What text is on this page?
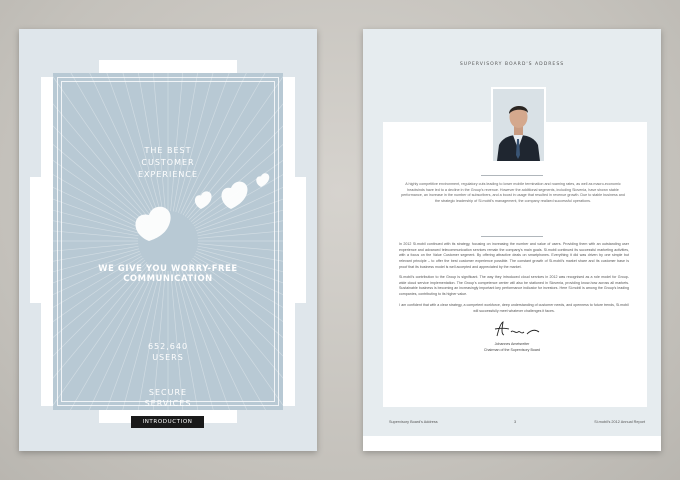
THE BEST
CUSTOMER
EXPERIENCE
WE GIVE YOU WORRY-FREE COMMUNICATION
652,640
USERS
SECURE
SERVICES
INTRODUCTION
SUPERVISORY BOARD'S ADDRESS
A highly competitive environment, regulatory cuts leading to lower mobile termination and roaming rates, as well as macro-economic headwinds have led to a decline in the Group's revenue. However the additional segments, including Slovenia, have shown stable performance, an increase in the number of subscribers, and a boost in usage that resulted in revenue growth. Due to stable business and the strategic leadership of Si.mobil's management, the company realized successful operations.
In 2012 Si.mobil continued with its strategy, focusing on increasing the number and value of users. Providing them with an outstanding user experience and advanced telecommunication services remain the company's main goals. Si.mobil continued its successful marketing activities, with a focus on the Value Customer segment. By offering attractive deals on smartphones. Everything it did was driven by one simple but relevant principle – to offer the best customer experience possible. The constant growth of Si.mobil's market share and its customer base is proof that its business model is well accepted and appreciated by the market.
Si.mobil's contribution to the Group is significant. The way they introduced cloud services in 2012 was recognised as a role model for Group-wide cloud service implementation. The Group's competence center will also be stationed in Slovenia, providing know-how across all markets. Sustainable business is becoming an increasingly important key performance indicator for investors. Here Si.mobil is among the Group's leading companies, contributing to its higher value.
I am confident that with a clear strategy, a competent workforce, deep understanding of customer needs, and openness to future trends, Si.mobil will successfully meet whatever challenges it faces.
Johannes Ametsreiter
Chairman of the Supervisory Board
Supervisory Board's Address	3	Si.mobil's 2012 Annual Report
